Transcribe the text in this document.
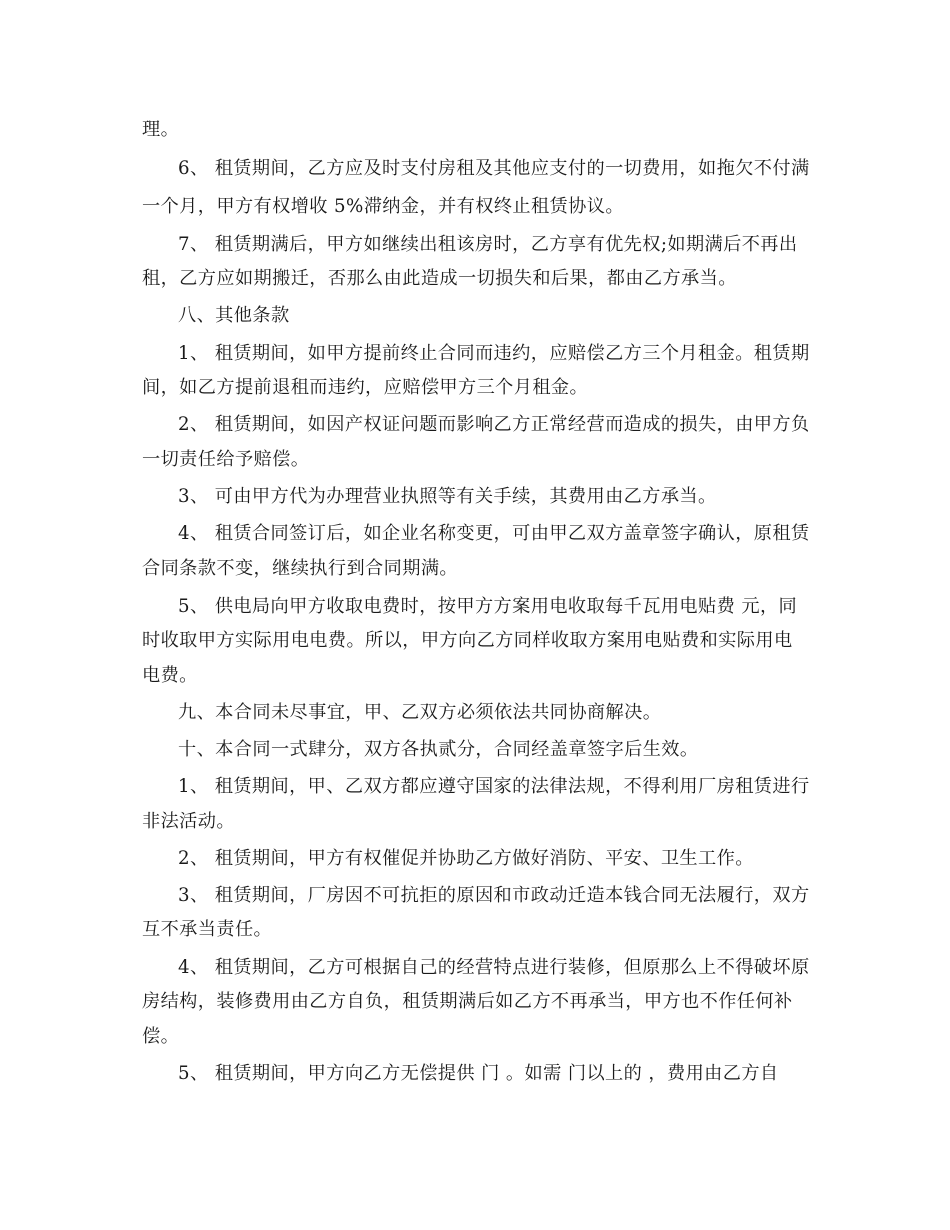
理。
6、 租赁期间，乙方应及时支付房租及其他应支付的一切费用，如拖欠不付满
一个月，甲方有权增收 5%滞纳金，并有权终止租赁协议。
7、 租赁期满后，甲方如继续出租该房时，乙方享有优先权;如期满后不再出
租，乙方应如期搬迁，否那么由此造成一切损失和后果，都由乙方承当。
八、其他条款
1、 租赁期间，如甲方提前终止合同而违约，应赔偿乙方三个月租金。租赁期
间，如乙方提前退租而违约，应赔偿甲方三个月租金。
2、 租赁期间，如因产权证问题而影响乙方正常经营而造成的损失，由甲方负
一切责任给予赔偿。
3、 可由甲方代为办理营业执照等有关手续，其费用由乙方承当。
4、 租赁合同签订后，如企业名称变更，可由甲乙双方盖章签字确认，原租赁
合同条款不变，继续执行到合同期满。
5、 供电局向甲方收取电费时，按甲方方案用电收取每千瓦用电贴费 元，同
时收取甲方实际用电电费。所以，甲方向乙方同样收取方案用电贴费和实际用电
电费。
九、本合同未尽事宜，甲、乙双方必须依法共同协商解决。
十、本合同一式肆分，双方各执贰分，合同经盖章签字后生效。
1、 租赁期间，甲、乙双方都应遵守国家的法律法规，不得利用厂房租赁进行
非法活动。
2、 租赁期间，甲方有权催促并协助乙方做好消防、平安、卫生工作。
3、 租赁期间，厂房因不可抗拒的原因和市政动迁造本钱合同无法履行，双方
互不承当责任。
4、 租赁期间，乙方可根据自己的经营特点进行装修，但原那么上不得破坏原
房结构，装修费用由乙方自负，租赁期满后如乙方不再承当，甲方也不作任何补
偿。
5、 租赁期间，甲方向乙方无偿提供 门 。如需 门以上的 ，费用由乙方自
